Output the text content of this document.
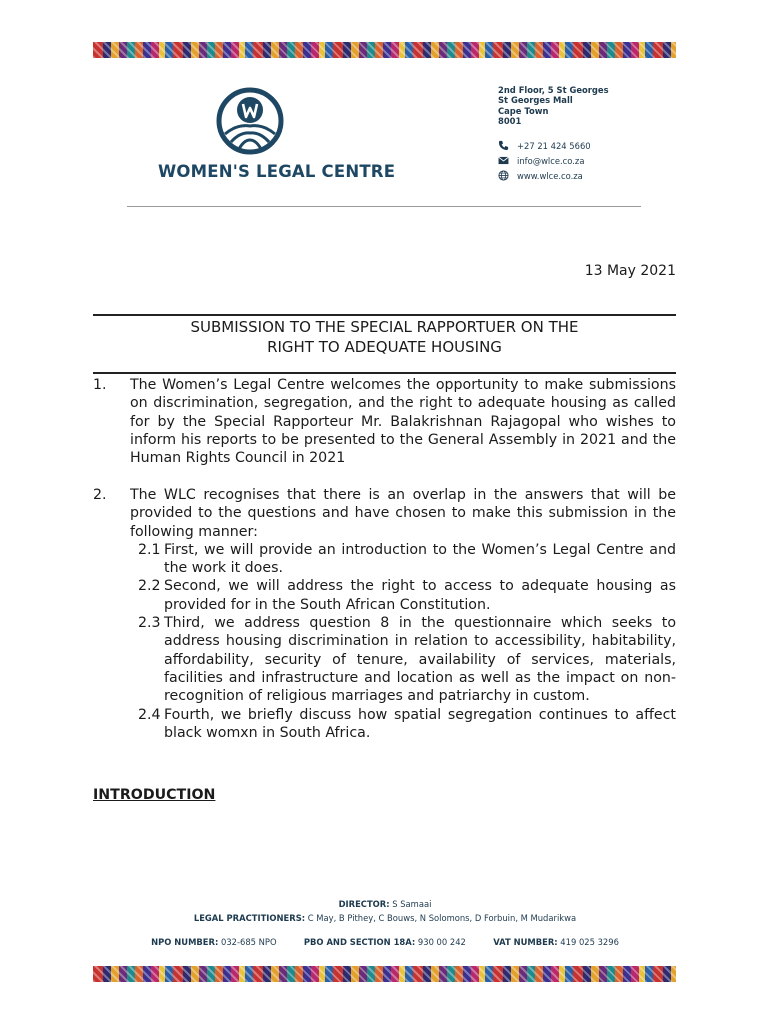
WOMEN'S LEGAL CENTRE
2nd Floor, 5 St Georges
St Georges Mall
Cape Town
8001
+27 21 424 5660
info@wlce.co.za
www.wlce.co.za
13 May 2021
SUBMISSION TO THE SPECIAL RAPPORTUER ON THE
RIGHT TO ADEQUATE HOUSING
1. The Women’s Legal Centre welcomes the opportunity to make submissions on discrimination, segregation, and the right to adequate housing as called for by the Special Rapporteur Mr. Balakrishnan Rajagopal who wishes to inform his reports to be presented to the General Assembly in 2021 and the Human Rights Council in 2021
2. The WLC recognises that there is an overlap in the answers that will be provided to the questions and have chosen to make this submission in the following manner:
2.1 First, we will provide an introduction to the Women’s Legal Centre and the work it does.
2.2 Second, we will address the right to access to adequate housing as provided for in the South African Constitution.
2.3 Third, we address question 8 in the questionnaire which seeks to address housing discrimination in relation to accessibility, habitability, affordability, security of tenure, availability of services, materials, facilities and infrastructure and location as well as the impact on non-recognition of religious marriages and patriarchy in custom.
2.4 Fourth, we briefly discuss how spatial segregation continues to affect black womxn in South Africa.
INTRODUCTION
DIRECTOR: S Samaai
LEGAL PRACTITIONERS: C May, B Pithey, C Bouws, N Solomons, D Forbuin, M Mudarikwa
NPO NUMBER: 032-685 NPO	PBO AND SECTION 18A: 930 00 242	VAT NUMBER: 419 025 3296
